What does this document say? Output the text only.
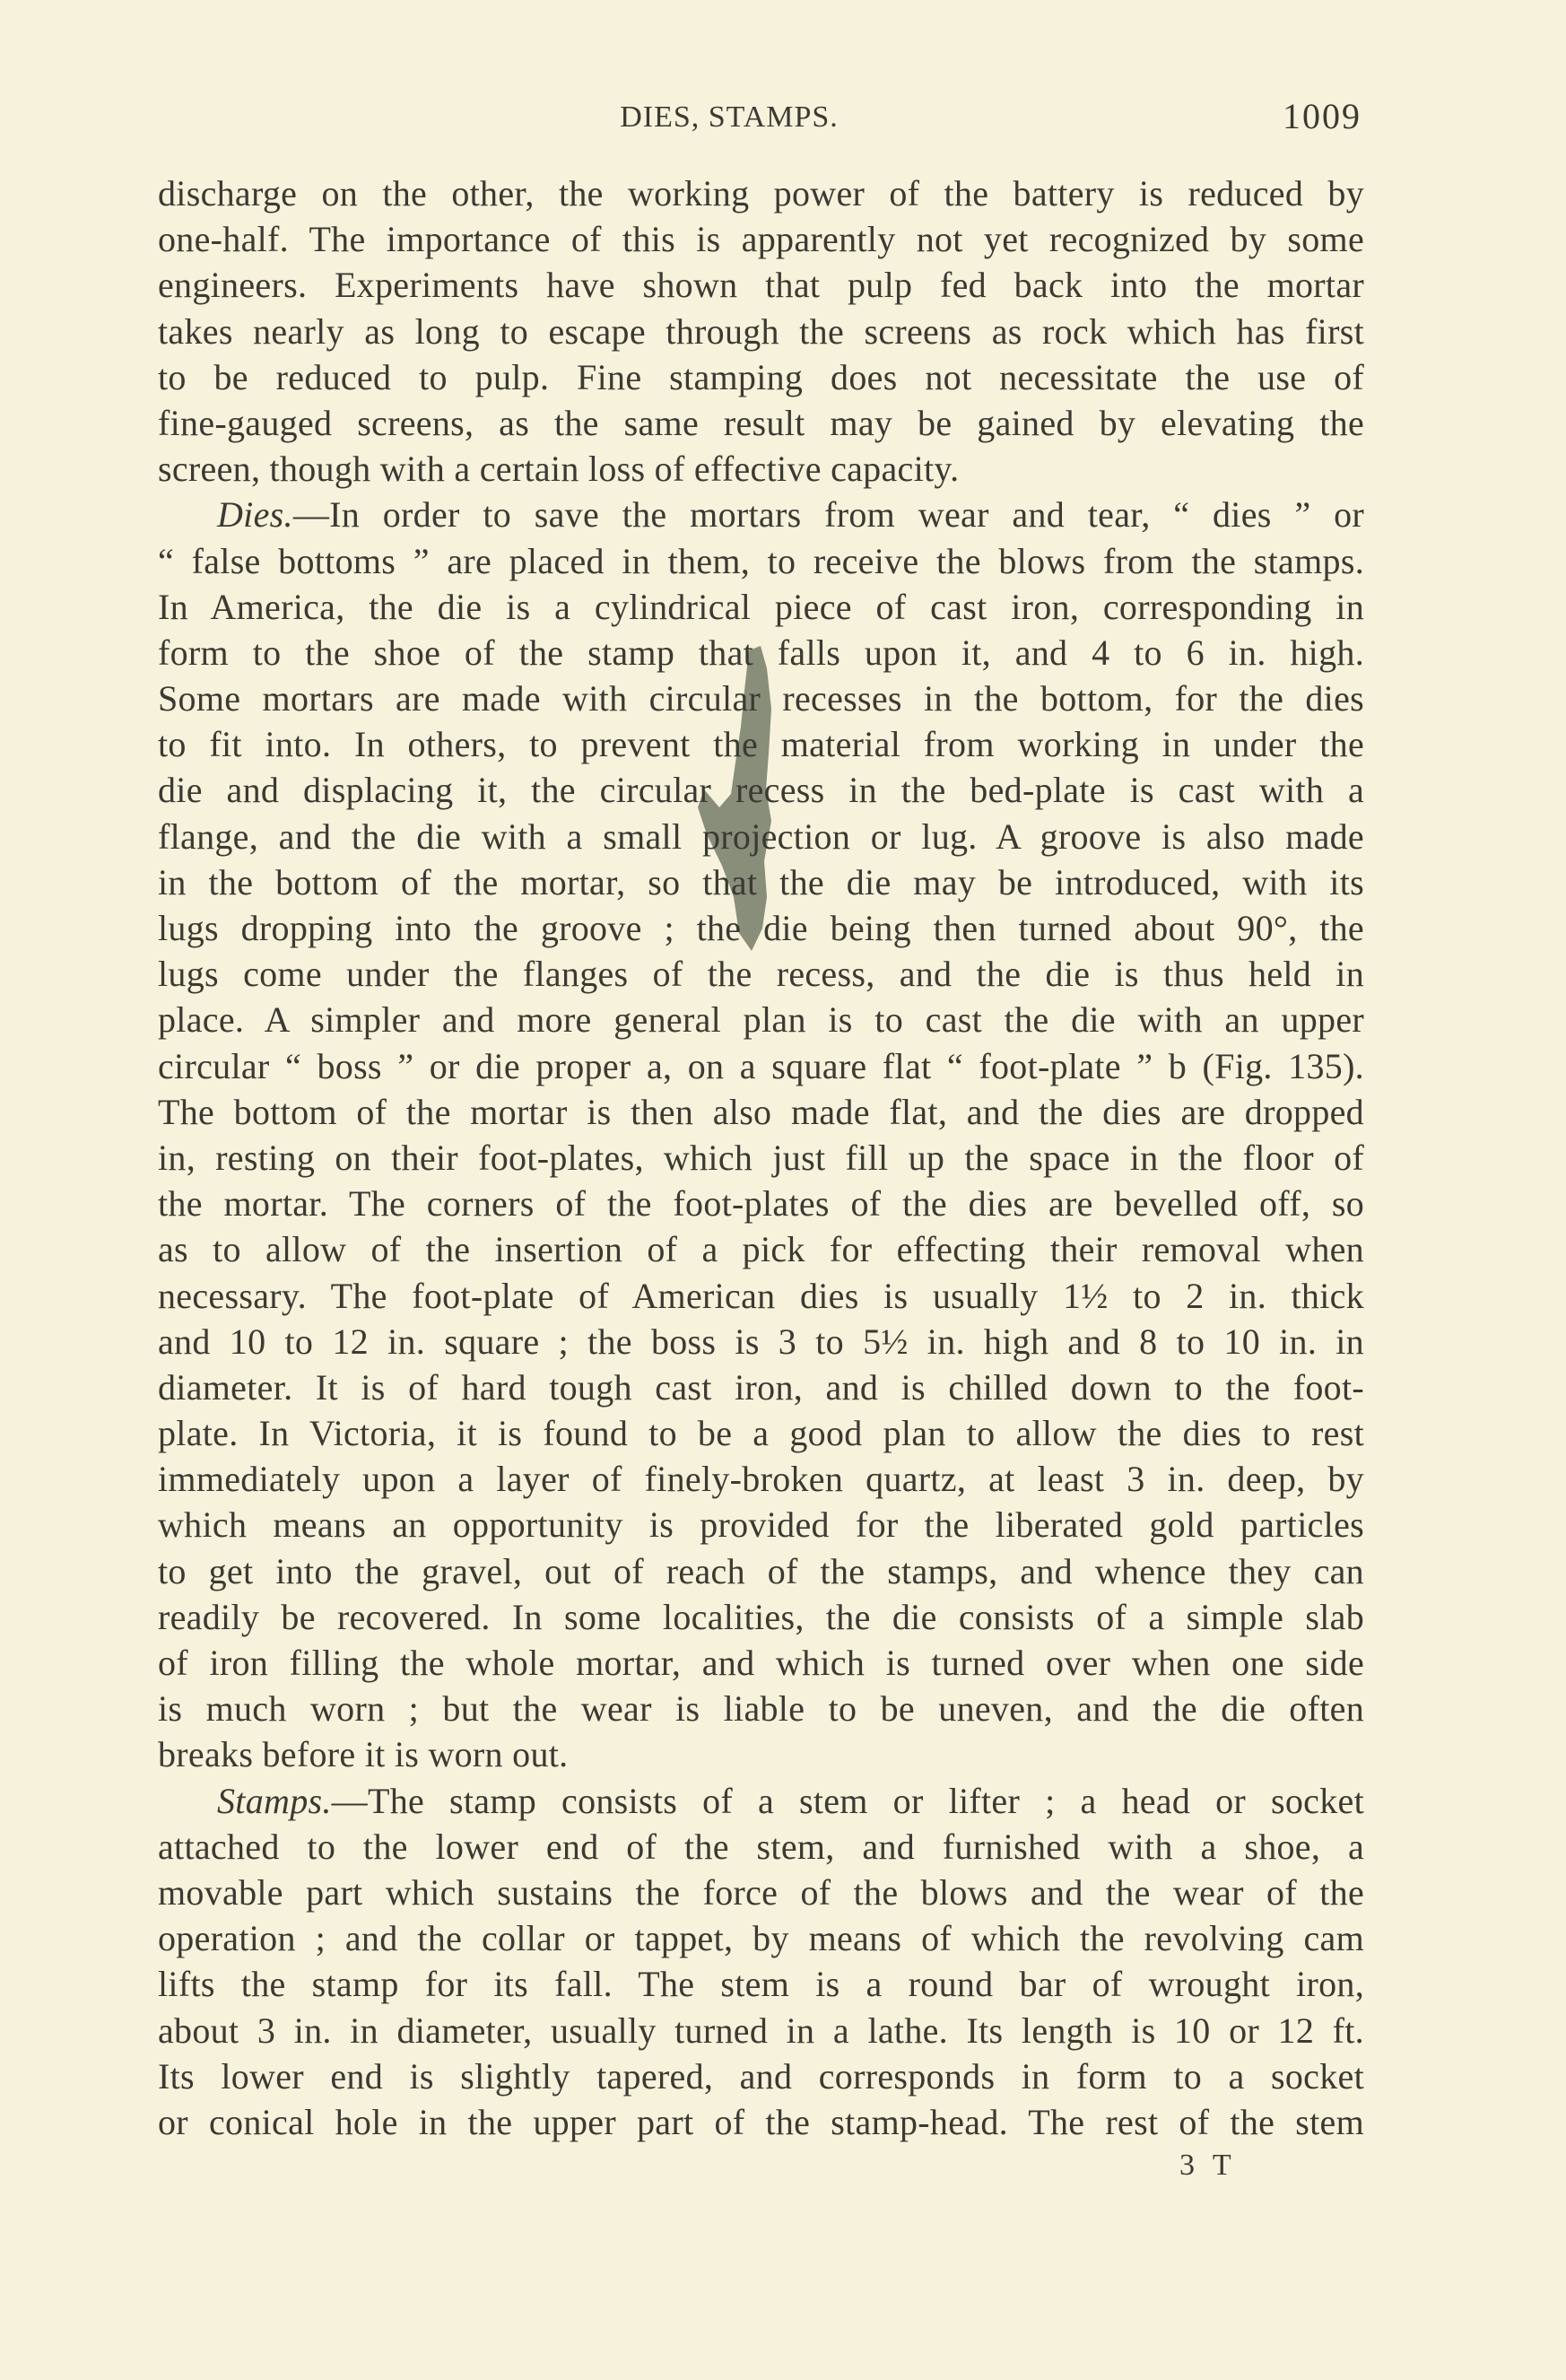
DIES, STAMPS.	1009
discharge on the other, the working power of the battery is reduced by
one-half. The importance of this is apparently not yet recognized by some
engineers. Experiments have shown that pulp fed back into the mortar
takes nearly as long to escape through the screens as rock which has first
to be reduced to pulp. Fine stamping does not necessitate the use of
fine-gauged screens, as the same result may be gained by elevating the
screen, though with a certain loss of effective capacity.
Dies.—In order to save the mortars from wear and tear, “ dies ” or
“ false bottoms ” are placed in them, to receive the blows from the stamps.
In America, the die is a cylindrical piece of cast iron, corresponding in
form to the shoe of the stamp that falls upon it, and 4 to 6 in. high.
Some mortars are made with circular recesses in the bottom, for the dies
to fit into. In others, to prevent the material from working in under the
die and displacing it, the circular recess in the bed-plate is cast with a
flange, and the die with a small projection or lug. A groove is also made
in the bottom of the mortar, so that the die may be introduced, with its
lugs dropping into the groove ; the die being then turned about 90°, the
lugs come under the flanges of the recess, and the die is thus held in
place. A simpler and more general plan is to cast the die with an upper
circular “ boss ” or die proper a, on a square flat “ foot-plate ” b (Fig. 135).
The bottom of the mortar is then also made flat, and the dies are dropped
in, resting on their foot-plates, which just fill up the space in the floor of
the mortar. The corners of the foot-plates of the dies are bevelled off, so
as to allow of the insertion of a pick for effecting their removal when
necessary. The foot-plate of American dies is usually 1½ to 2 in. thick
and 10 to 12 in. square ; the boss is 3 to 5½ in. high and 8 to 10 in. in
diameter. It is of hard tough cast iron, and is chilled down to the foot-
plate. In Victoria, it is found to be a good plan to allow the dies to rest
immediately upon a layer of finely-broken quartz, at least 3 in. deep, by
which means an opportunity is provided for the liberated gold particles
to get into the gravel, out of reach of the stamps, and whence they can
readily be recovered. In some localities, the die consists of a simple slab
of iron filling the whole mortar, and which is turned over when one side
is much worn ; but the wear is liable to be uneven, and the die often
breaks before it is worn out.
Stamps.—The stamp consists of a stem or lifter ; a head or socket
attached to the lower end of the stem, and furnished with a shoe, a
movable part which sustains the force of the blows and the wear of the
operation ; and the collar or tappet, by means of which the revolving cam
lifts the stamp for its fall. The stem is a round bar of wrought iron,
about 3 in. in diameter, usually turned in a lathe. Its length is 10 or 12 ft.
Its lower end is slightly tapered, and corresponds in form to a socket
or conical hole in the upper part of the stamp-head. The rest of the stem
3 T
